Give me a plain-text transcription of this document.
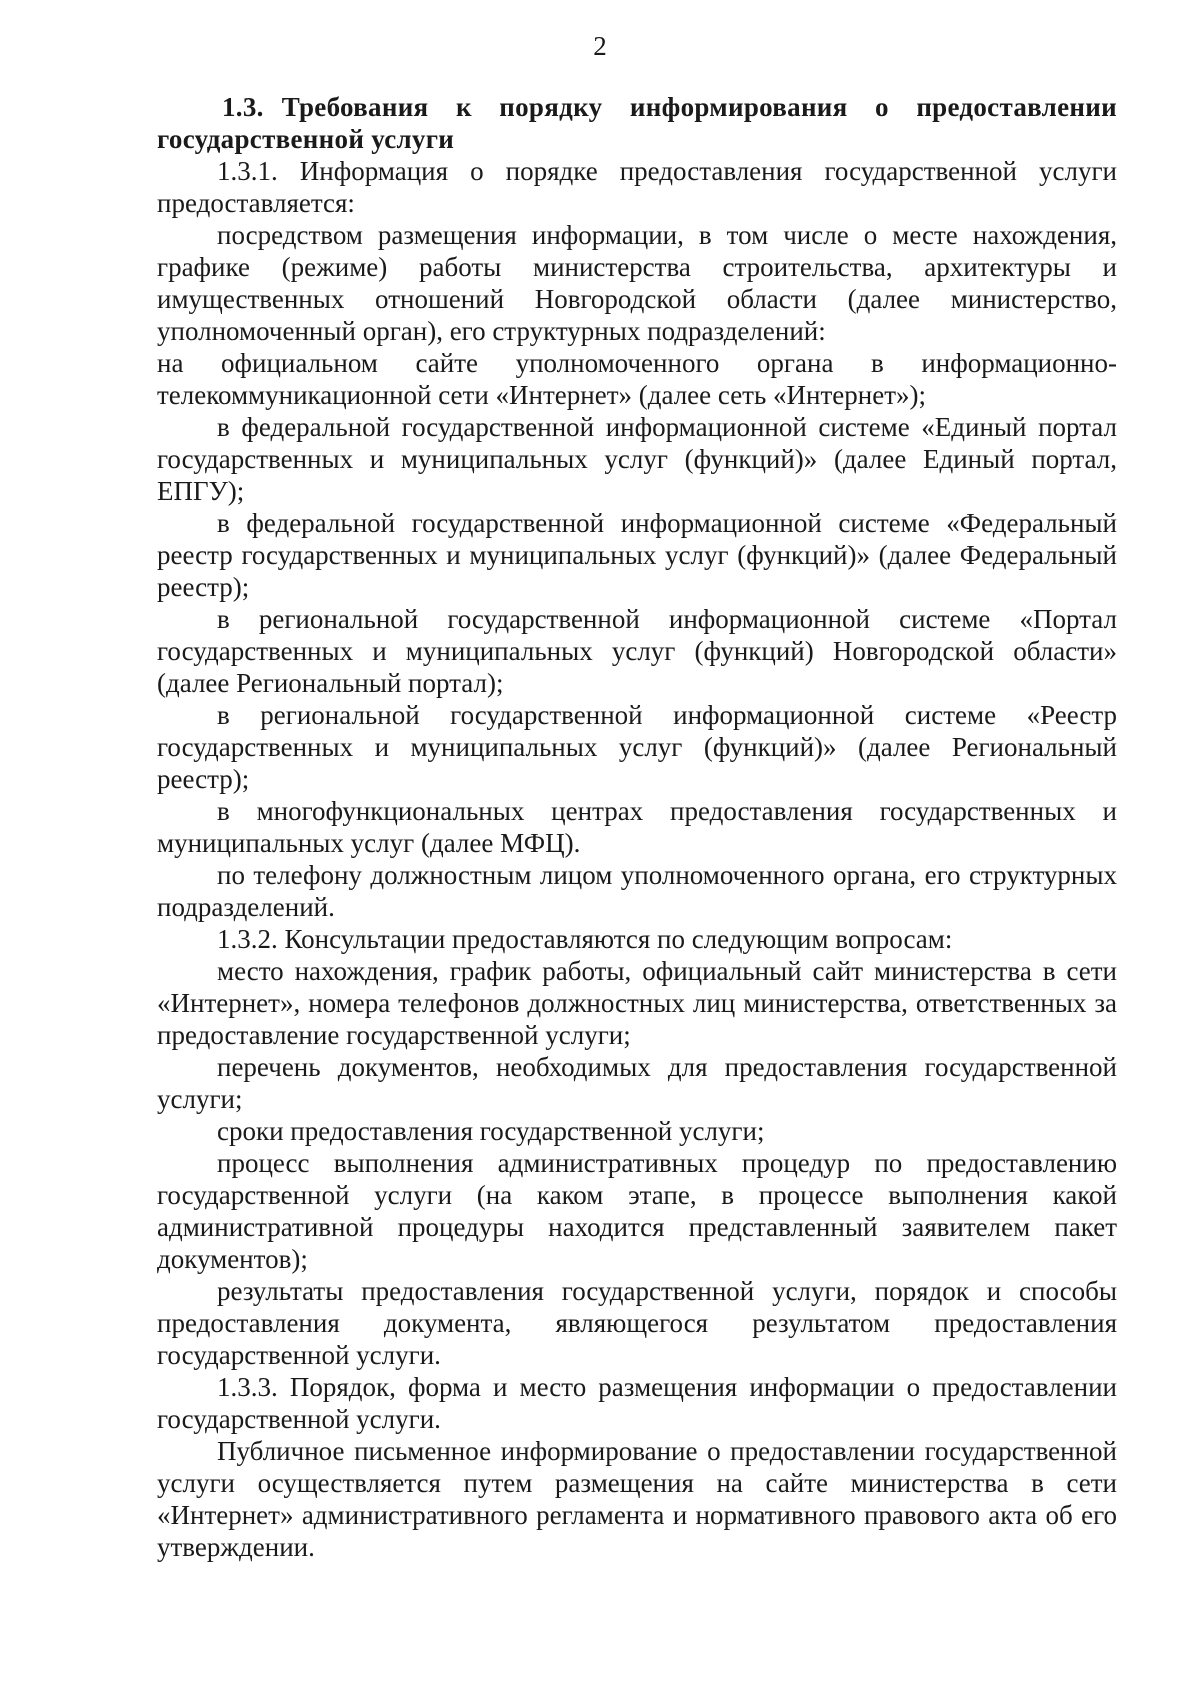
2

1.3. Требования к порядку информирования о предоставлении государственной услуги

1.3.1. Информация о порядке предоставления государственной услуги предоставляется:

посредством размещения информации, в том числе о месте нахождения, графике (режиме) работы министерства строительства, архитектуры и имущественных отношений Новгородской области (далее министерство, уполномоченный орган), его структурных подразделений:

на официальном сайте уполномоченного органа в информационно-телекоммуникационной сети «Интернет» (далее сеть «Интернет»);

в федеральной государственной информационной системе «Единый портал государственных и муниципальных услуг (функций)» (далее Единый портал, ЕПГУ);

в федеральной государственной информационной системе «Федеральный реестр государственных и муниципальных услуг (функций)» (далее Федеральный реестр);

в региональной государственной информационной системе «Портал государственных и муниципальных услуг (функций) Новгородской области» (далее Региональный портал);

в региональной государственной информационной системе «Реестр государственных и муниципальных услуг (функций)» (далее Региональный реестр);

в многофункциональных центрах предоставления государственных и муниципальных услуг (далее МФЦ).

по телефону должностным лицом уполномоченного органа, его структурных подразделений.

1.3.2. Консультации предоставляются по следующим вопросам:

место нахождения, график работы, официальный сайт министерства в сети «Интернет», номера телефонов должностных лиц министерства, ответственных за предоставление государственной услуги;

перечень документов, необходимых для предоставления государственной услуги;

сроки предоставления государственной услуги;

процесс выполнения административных процедур по предоставлению государственной услуги (на каком этапе, в процессе выполнения какой административной процедуры находится представленный заявителем пакет документов);

результаты предоставления государственной услуги, порядок и способы предоставления документа, являющегося результатом предоставления государственной услуги.

1.3.3. Порядок, форма и место размещения информации о предоставлении государственной услуги.

Публичное письменное информирование о предоставлении государственной услуги осуществляется путем размещения на сайте министерства в сети «Интернет» административного регламента и нормативного правового акта об его утверждении.
